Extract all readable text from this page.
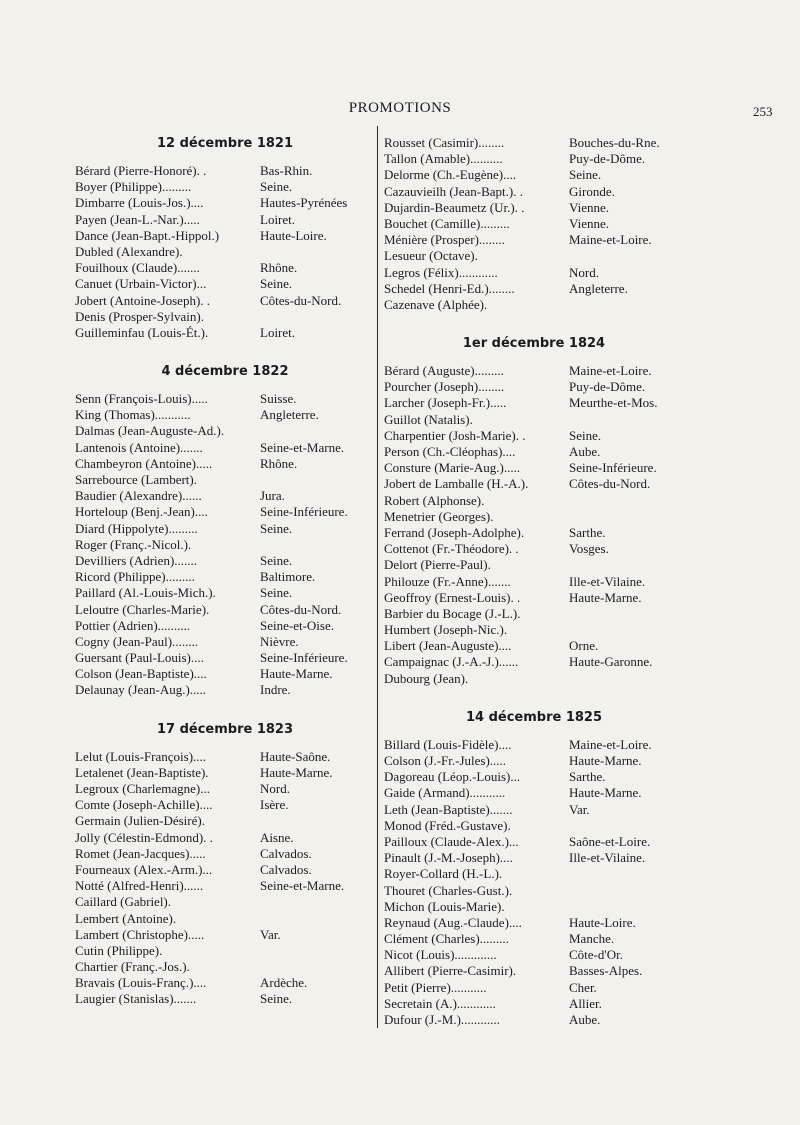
PROMOTIONS	253
12 décembre 1821
Bérard (Pierre-Honoré). .	Bas-Rhin.
Boyer (Philippe).........	Seine.
Dimbarre (Louis-Jos.)....	Hautes-Pyrénées
Payen (Jean-L.-Nar.).....	Loiret.
Dance (Jean-Bapt.-Hippol.)	Haute-Loire.
Dubled (Alexandre).
Fouilhoux (Claude).......	Rhône.
Canuet (Urbain-Victor)...	Seine.
Jobert (Antoine-Joseph). .	Côtes-du-Nord.
Denis (Prosper-Sylvain).
Guilleminfau (Louis-Ét.).	Loiret.
4 décembre 1822
Senn (François-Louis).....	Suisse.
King (Thomas)...........	Angleterre.
Dalmas (Jean-Auguste-Ad.).
Lantenois (Antoine).......	Seine-et-Marne.
Chambeyron (Antoine).....	Rhône.
Sarrebource (Lambert).
Baudier (Alexandre)......	Jura.
Horteloup (Benj.-Jean)....	Seine-Inférieure.
Diard (Hippolyte).........	Seine.
Roger (Franç.-Nicol.).
Devilliers (Adrien).......	Seine.
Ricord (Philippe).........	Baltimore.
Paillard (Al.-Louis-Mich.).	Seine.
Leloutre (Charles-Marie).	Côtes-du-Nord.
Pottier (Adrien)..........	Seine-et-Oise.
Cogny (Jean-Paul)........	Nièvre.
Guersant (Paul-Louis)....	Seine-Inférieure.
Colson (Jean-Baptiste)....	Haute-Marne.
Delaunay (Jean-Aug.).....	Indre.
17 décembre 1823
Lelut (Louis-François)....	Haute-Saône.
Letalenet (Jean-Baptiste).	Haute-Marne.
Legroux (Charlemagne)...	Nord.
Comte (Joseph-Achille)....	Isère.
Germain (Julien-Désiré).
Jolly (Célestin-Edmond). .	Aisne.
Romet (Jean-Jacques).....	Calvados.
Fourneaux (Alex.-Arm.)...	Calvados.
Notté (Alfred-Henri)......	Seine-et-Marne.
Caillard (Gabriel).
Lembert (Antoine).
Lambert (Christophe).....	Var.
Cutin (Philippe).
Chartier (Franç.-Jos.).
Bravais (Louis-Franç.)....	Ardèche.
Laugier (Stanislas).......	Seine.
Rousset (Casimir)........	Bouches-du-Rne.
Tallon (Amable)..........	Puy-de-Dôme.
Delorme (Ch.-Eugène)....	Seine.
Cazauvieilh (Jean-Bapt.). .	Gironde.
Dujardin-Beaumetz (Ur.). .	Vienne.
Bouchet (Camille).........	Vienne.
Ménière (Prosper)........	Maine-et-Loire.
Lesueur (Octave).
Legros (Félix)............	Nord.
Schedel (Henri-Ed.)........	Angleterre.
Cazenave (Alphée).
1er décembre 1824
Bérard (Auguste).........	Maine-et-Loire.
Pourcher (Joseph)........	Puy-de-Dôme.
Larcher (Joseph-Fr.).....	Meurthe-et-Mos.
Guillot (Natalis).
Charpentier (Josh-Marie). .	Seine.
Person (Ch.-Cléophas)....	Aube.
Consture (Marie-Aug.).....	Seine-Inférieure.
Jobert de Lamballe (H.-A.).	Côtes-du-Nord.
Robert (Alphonse).
Menetrier (Georges).
Ferrand (Joseph-Adolphe).	Sarthe.
Cottenot (Fr.-Théodore). .	Vosges.
Delort (Pierre-Paul).
Philouze (Fr.-Anne).......	Ille-et-Vilaine.
Geoffroy (Ernest-Louis). .	Haute-Marne.
Barbier du Bocage (J.-L.).
Humbert (Joseph-Nic.).
Libert (Jean-Auguste)....	Orne.
Campaignac (J.-A.-J.)......	Haute-Garonne.
Dubourg (Jean).
14 décembre 1825
Billard (Louis-Fidèle)....	Maine-et-Loire.
Colson (J.-Fr.-Jules).....	Haute-Marne.
Dagoreau (Léop.-Louis)...	Sarthe.
Gaide (Armand)...........	Haute-Marne.
Leth (Jean-Baptiste).......	Var.
Monod (Fréd.-Gustave).
Pailloux (Claude-Alex.)...	Saône-et-Loire.
Pinault (J.-M.-Joseph)....	Ille-et-Vilaine.
Royer-Collard (H.-L.).
Thouret (Charles-Gust.).
Michon (Louis-Marie).
Reynaud (Aug.-Claude)....	Haute-Loire.
Clément (Charles).........	Manche.
Nicot (Louis).............	Côte-d'Or.
Allibert (Pierre-Casimir).	Basses-Alpes.
Petit (Pierre)...........	Cher.
Secretain (A.)............	Allier.
Dufour (J.-M.)............	Aube.
